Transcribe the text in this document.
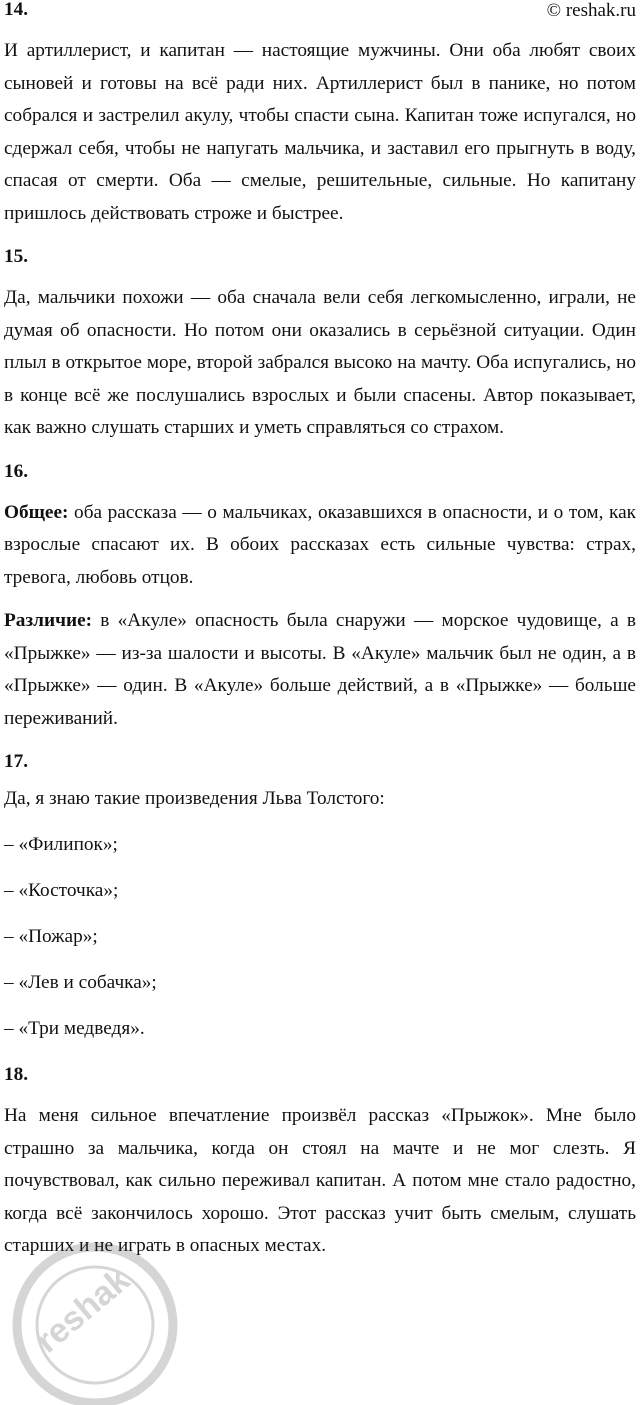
© reshak.ru

14.

И артиллерист, и капитан — настоящие мужчины. Они оба любят своих сыновей и готовы на всё ради них. Артиллерист был в панике, но потом собрался и застрелил акулу, чтобы спасти сына. Капитан тоже испугался, но сдержал себя, чтобы не напугать мальчика, и заставил его прыгнуть в воду, спасая от смерти. Оба — смелые, решительные, сильные. Но капитану пришлось действовать строже и быстрее.

15.

Да, мальчики похожи — оба сначала вели себя легкомысленно, играли, не думая об опасности. Но потом они оказались в серьёзной ситуации. Один плыл в открытое море, второй забрался высоко на мачту. Оба испугались, но в конце всё же послушались взрослых и были спасены. Автор показывает, как важно слушать старших и уметь справляться со страхом.

16.

Общее: оба рассказа — о мальчиках, оказавшихся в опасности, и о том, как взрослые спасают их. В обоих рассказах есть сильные чувства: страх, тревога, любовь отцов.

Различие: в «Акуле» опасность была снаружи — морское чудовище, а в «Прыжке» — из-за шалости и высоты. В «Акуле» мальчик был не один, а в «Прыжке» — один. В «Акуле» больше действий, а в «Прыжке» — больше переживаний.

17.

Да, я знаю такие произведения Льва Толстого:

– «Филипок»;

– «Косточка»;

– «Пожар»;

– «Лев и собачка»;

– «Три медведя».

18.

На меня сильное впечатление произвёл рассказ «Прыжок». Мне было страшно за мальчика, когда он стоял на мачте и не мог слезть. Я почувствовал, как сильно переживал капитан. А потом мне стало радостно, когда всё закончилось хорошо. Этот рассказ учит быть смелым, слушать старших и не играть в опасных местах.

reshak
